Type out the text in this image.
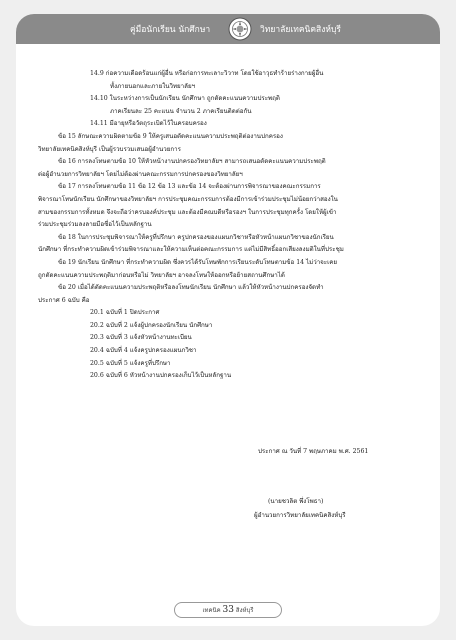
คู่มือนักเรียน นักศึกษา	วิทยาลัยเทคนิคสิงห์บุรี
14.9 ก่อความเดือดร้อนแก่ผู้อื่น หรือก่อการทะเลาะวิวาท โดยใช้อาวุธทำร้ายร่างกายผู้อื่น
ทั้งภายนอกและภายในวิทยาลัยฯ
14.10 ในระหว่างการเป็นนักเรียน นักศึกษา ถูกตัดคะแนนความประพฤติ
ภาคเรียนละ 25 คะแนน จำนวน 2 ภาคเรียนติดต่อกัน
14.11 มีอายุหรือวัตถุระเบิดไว้ในครอบครอง
ข้อ 15 ลักษณะความผิดตามข้อ 9 ให้ครูเสนอตัดคะแนนความประพฤติต่องานปกครอง
วิทยาลัยเทคนิคสิงห์บุรี เป็นผู้รวบรวมเสนอผู้อำนวยการ
ข้อ 16 การลงโทษตามข้อ 10 ให้หัวหน้างานปกครองวิทยาลัยฯ สามารถเสนอตัดคะแนนความประพฤติ
ต่อผู้อำนวยการวิทยาลัยฯ โดยไม่ต้องผ่านคณะกรรมการปกครองของวิทยาลัยฯ
ข้อ 17 การลงโทษตามข้อ 11 ข้อ 12 ข้อ 13 และข้อ 14 จะต้องผ่านการพิจารณาของคณะกรรมการ
พิจารณาโทษนักเรียน นักศึกษาของวิทยาลัยฯ การประชุมคณะกรรมการต้องมีการเข้าร่วมประชุมไม่น้อยกว่าสองใน
สามของกรรมการทั้งหมด จึงจะถือว่าครบองค์ประชุม และต้องมีคณบดีหรือรองฯ ในการประชุมทุกครั้ง โดยให้ผู้เข้า
ร่วมประชุมร่วมลงลายมือชื่อไว้เป็นหลักฐาน
ข้อ 18 ในการประชุมพิจารณาให้ครูที่ปรึกษา ครูปกครองของแผนกวิชาหรือหัวหน้าแผนกวิชาของนักเรียน
นักศึกษา ที่กระทำความผิดเข้าร่วมพิจารณาและให้ความเห็นต่อคณะกรรมการ แต่ไม่มีสิทธิ์ออกเสียงลงมติในที่ประชุม
ข้อ 19 นักเรียน นักศึกษา ที่กระทำความผิด ซึ่งควรได้รับโทษพักการเรียนระดับโทษตามข้อ 14 ไม่ว่าจะเคย
ถูกตัดคะแนนความประพฤติมาก่อนหรือไม่ วิทยาลัยฯ อาจลงโทษให้ออกหรือย้ายสถานศึกษาได้
ข้อ 20 เมื่อได้ตัดคะแนนความประพฤติหรือลงโทษนักเรียน นักศึกษา แล้วให้หัวหน้างานปกครองจัดทำ
ประกาศ 6 ฉบับ คือ
20.1 ฉบับที่ 1 ปิดประกาศ
20.2 ฉบับที่ 2 แจ้งผู้ปกครองนักเรียน นักศึกษา
20.3 ฉบับที่ 3 แจ้งหัวหน้างานทะเบียน
20.4 ฉบับที่ 4 แจ้งครูปกครองแผนกวิชา
20.5 ฉบับที่ 5 แจ้งครูที่ปรึกษา
20.6 ฉบับที่ 6 หัวหน้างานปกครองเก็บไว้เป็นหลักฐาน
ประกาศ ณ วันที่ 7 พฤษภาคม พ.ศ. 2561
(นายชวลิต พึ่งโพธา)
ผู้อำนวยการวิทยาลัยเทคนิคสิงห์บุรี
เทคนิค 33 สิงห์บุรี
